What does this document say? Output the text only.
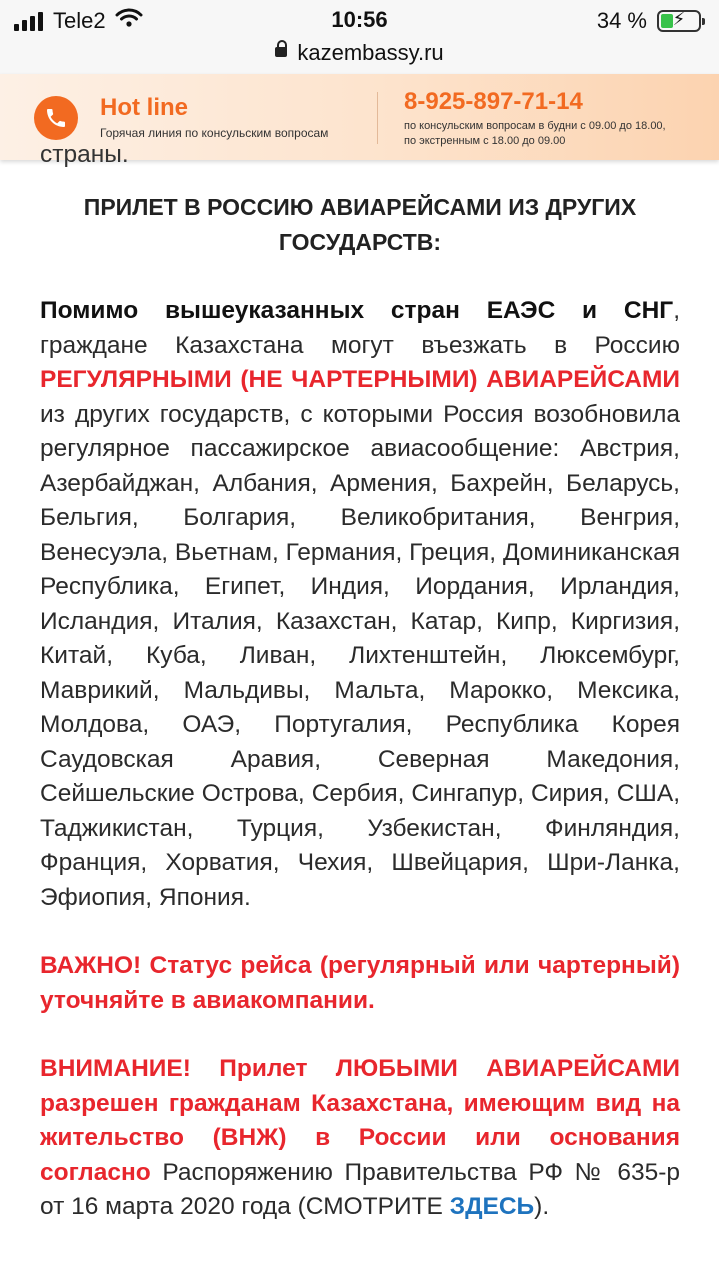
Tele2	10:56	34 %	⚡
kazembassy.ru
Hot line
Горячая линия по консульским вопросам
8-925-897-71-14
по консульским вопросам в будни с 09.00 до 18.00,
по экстренным с 18.00 до 09.00
ПРИЛЕТ В РОССИЮ АВИАРЕЙСАМИ ИЗ ДРУГИХ ГОСУДАРСТВ:

Помимо вышеуказанных стран ЕАЭС и СНГ, граждане Казахстана могут въезжать в Россию РЕГУЛЯРНЫМИ (НЕ ЧАРТЕРНЫМИ) АВИАРЕЙСАМИ из других государств, с которыми Россия возобновила регулярное пассажирское авиасообщение: Австрия, Азербайджан, Албания, Армения, Бахрейн, Беларусь, Бельгия, Болгария, Великобритания, Венгрия, Венесуэла, Вьетнам, Германия, Греция, Доминиканская Республика, Египет, Индия, Иордания, Ирландия, Исландия, Италия, Казахстан, Катар, Кипр, Киргизия, Китай, Куба, Ливан, Лихтенштейн, Люксембург, Маврикий, Мальдивы, Мальта, Марокко, Мексика, Молдова, ОАЭ, Португалия, Республика Корея Саудовская Аравия, Северная Македония, Сейшельские Острова, Сербия, Сингапур, Сирия, США, Таджикистан, Турция, Узбекистан, Финляндия, Франция, Хорватия, Чехия, Швейцария, Шри-Ланка, Эфиопия, Япония.

ВАЖНО! Статус рейса (регулярный или чартерный) уточняйте в авиакомпании.

ВНИМАНИЕ! Прилет ЛЮБЫМИ АВИАРЕЙСАМИ разрешен гражданам Казахстана, имеющим вид на жительство (ВНЖ) в России или основания согласно Распоряжению Правительства РФ № 635-р от 16 марта 2020 года (СМОТРИТЕ ЗДЕСЬ).
